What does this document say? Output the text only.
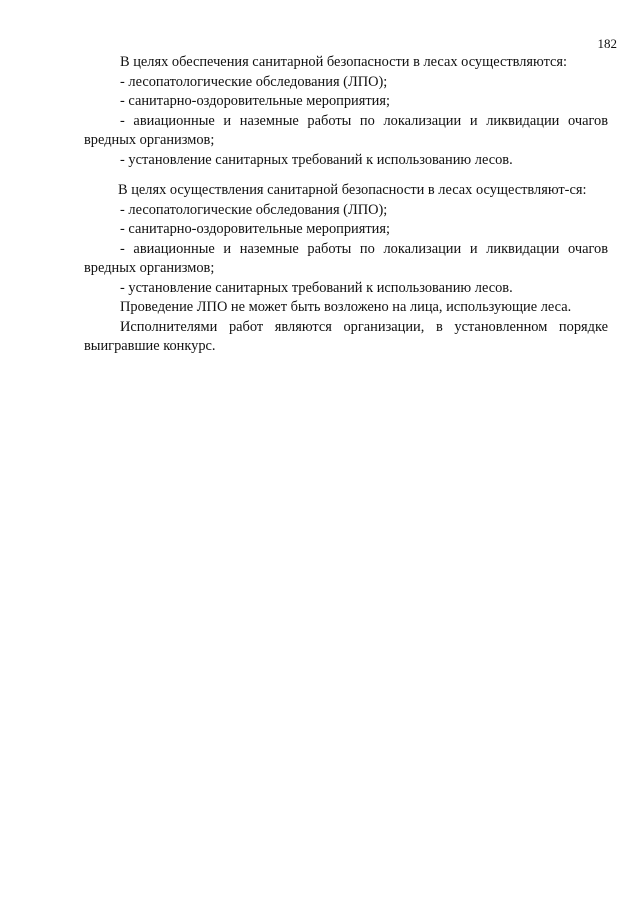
182

В целях обеспечения санитарной безопасности в лесах осуществляются:

- лесопатологические обследования (ЛПО);

- санитарно-оздоровительные мероприятия;

- авиационные и наземные работы по локализации и ликвидации очагов вредных организмов;

- установление санитарных требований к использованию лесов.

В целях осуществления санитарной безопасности в лесах осуществляют-ся:

- лесопатологические обследования (ЛПО);

- санитарно-оздоровительные мероприятия;

- авиационные и наземные работы по локализации и ликвидации очагов вредных организмов;

- установление санитарных требований к использованию лесов.

Проведение ЛПО не может быть возложено на лица, использующие леса.

Исполнителями работ являются организации, в установленном порядке выигравшие конкурс.
